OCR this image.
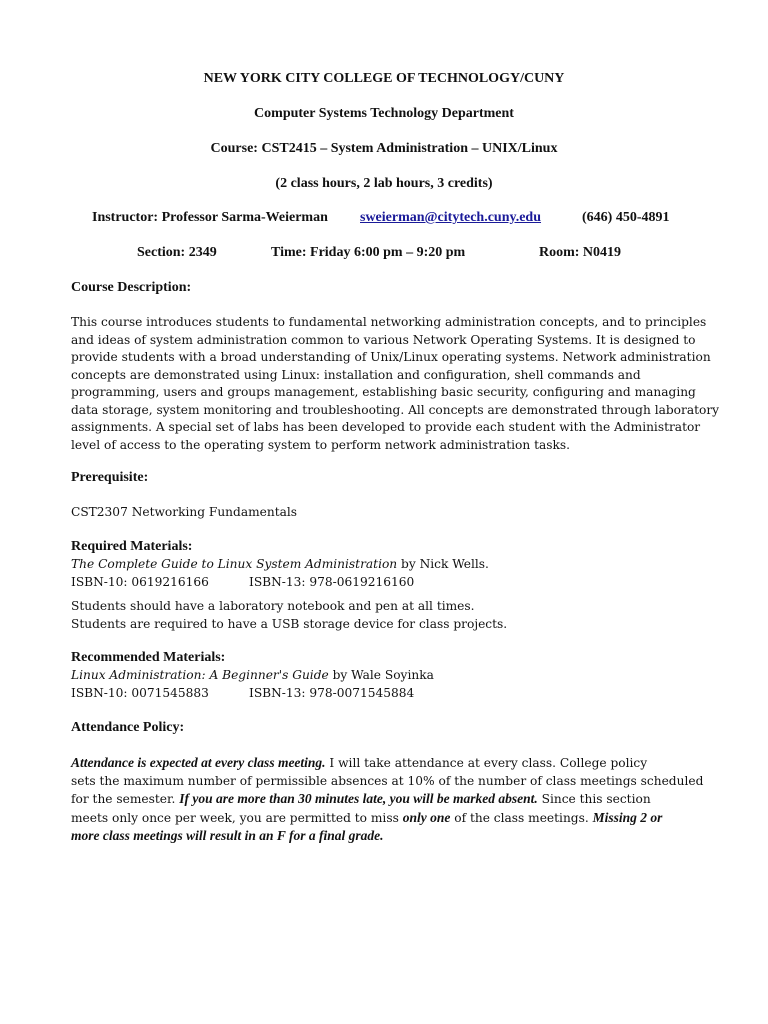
NEW YORK CITY COLLEGE OF TECHNOLOGY/CUNY
Computer Systems Technology Department
Course: CST2415 – System Administration – UNIX/Linux
(2 class hours, 2 lab hours, 3 credits)
Instructor: Professor Sarma-Weierman sweierman@citytech.cuny.edu	(646) 450-4891
Section: 2349	Time: Friday 6:00 pm – 9:20 pm	Room: N0419
Course Description:
This course introduces students to fundamental networking administration concepts, and to principles
and ideas of system administration common to various Network Operating Systems. It is designed to
provide students with a broad understanding of Unix/Linux operating systems. Network administration
concepts are demonstrated using Linux: installation and configuration, shell commands and
programming, users and groups management, establishing basic security, configuring and managing
data storage, system monitoring and troubleshooting. All concepts are demonstrated through laboratory
assignments. A special set of labs has been developed to provide each student with the Administrator
level of access to the operating system to perform network administration tasks.
Prerequisite:
CST2307 Networking Fundamentals
Required Materials:
The Complete Guide to Linux System Administration by Nick Wells.
ISBN-10: 0619216166	ISBN-13: 978-0619216160
Students should have a laboratory notebook and pen at all times.
Students are required to have a USB storage device for class projects.
Recommended Materials:
Linux Administration: A Beginner's Guide by Wale Soyinka
ISBN-10: 0071545883	ISBN-13: 978-0071545884
Attendance Policy:
Attendance is expected at every class meeting. I will take attendance at every class. College policy
sets the maximum number of permissible absences at 10% of the number of class meetings scheduled
for the semester. If you are more than 30 minutes late, you will be marked absent. Since this section
meets only once per week, you are permitted to miss only one of the class meetings. Missing 2 or
more class meetings will result in an F for a final grade.
